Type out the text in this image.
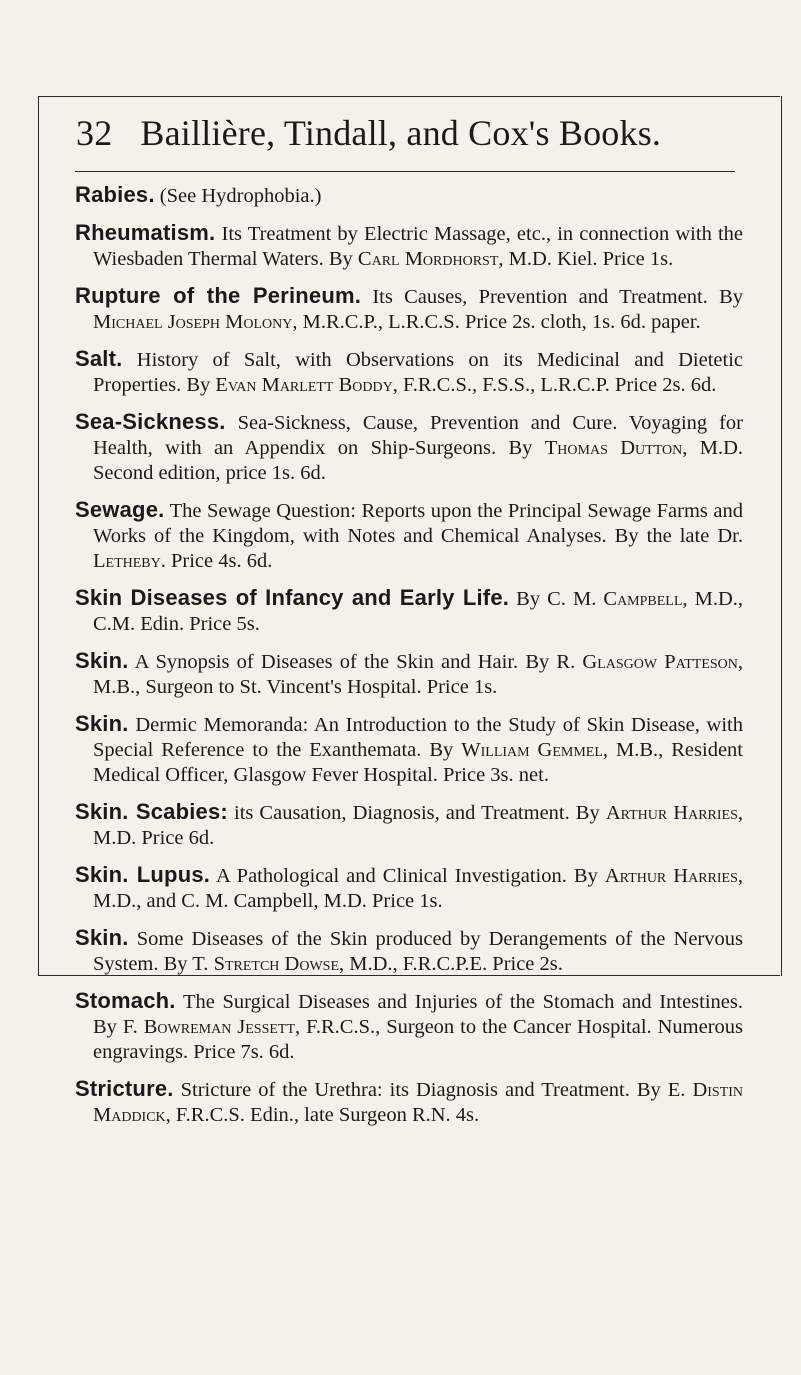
32 Baillière, Tindall, and Cox's Books.

Rabies. (See Hydrophobia.)

Rheumatism. Its Treatment by Electric Massage, etc., in connection with the Wiesbaden Thermal Waters. By Carl Mordhorst, M.D. Kiel. Price 1s.

Rupture of the Perineum. Its Causes, Prevention and Treatment. By Michael Joseph Molony, M.R.C.P., L.R.C.S. Price 2s. cloth, 1s. 6d. paper.

Salt. History of Salt, with Observations on its Medicinal and Dietetic Properties. By Evan Marlett Boddy, F.R.C.S., F.S.S., L.R.C.P. Price 2s. 6d.

Sea-Sickness. Sea-Sickness, Cause, Prevention and Cure. Voyaging for Health, with an Appendix on Ship-Surgeons. By Thomas Dutton, M.D. Second edition, price 1s. 6d.

Sewage. The Sewage Question: Reports upon the Principal Sewage Farms and Works of the Kingdom, with Notes and Chemical Analyses. By the late Dr. Letheby. Price 4s. 6d.

Skin Diseases of Infancy and Early Life. By C. M. Campbell, M.D., C.M. Edin. Price 5s.

Skin. A Synopsis of Diseases of the Skin and Hair. By R. Glasgow Patteson, M.B., Surgeon to St. Vincent's Hospital. Price 1s.

Skin. Dermic Memoranda: An Introduction to the Study of Skin Disease, with Special Reference to the Exanthemata. By William Gemmel, M.B., Resident Medical Officer, Glasgow Fever Hospital. Price 3s. net.

Skin. Scabies: its Causation, Diagnosis, and Treatment. By Arthur Harries, M.D. Price 6d.

Skin. Lupus. A Pathological and Clinical Investigation. By Arthur Harries, M.D., and C. M. Campbell, M.D. Price 1s.

Skin. Some Diseases of the Skin produced by Derangements of the Nervous System. By T. Stretch Dowse, M.D., F.R.C.P.E. Price 2s.

Stomach. The Surgical Diseases and Injuries of the Stomach and Intestines. By F. Bowreman Jessett, F.R.C.S., Surgeon to the Cancer Hospital. Numerous engravings. Price 7s. 6d.

Stricture. Stricture of the Urethra: its Diagnosis and Treatment. By E. Distin Maddick, F.R.C.S. Edin., late Surgeon R.N. 4s.
